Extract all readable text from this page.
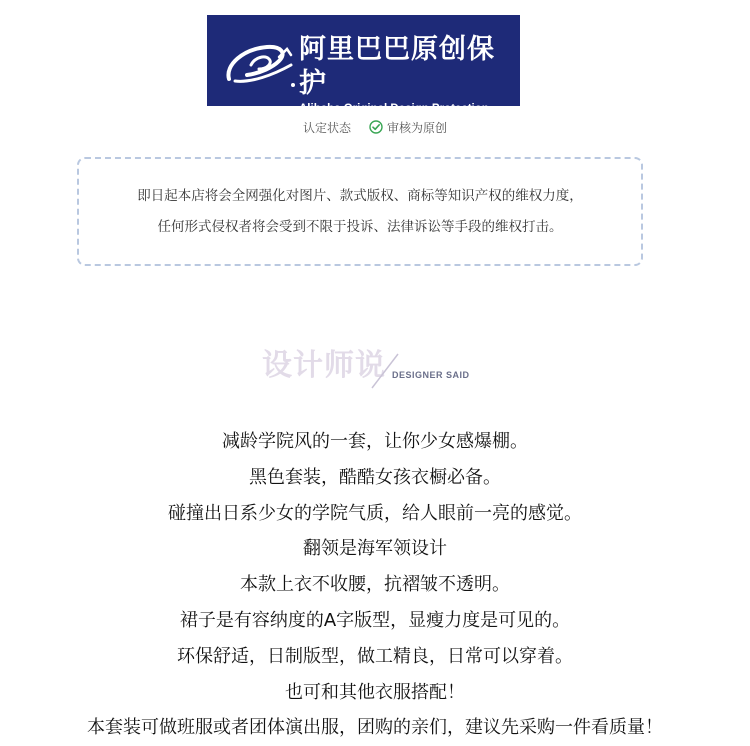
阿里巴巴原创保护
Alibaba Original Design Protection
认定状态	审核为原创
即日起本店将会全网强化对图片、款式版权、商标等知识产权的维权力度，
任何形式侵权者将会受到不限于投诉、法律诉讼等手段的维权打击。
设计师说 DESIGNER SAID
减龄学院风的一套，让你少女感爆棚。
黑色套装，酷酷女孩衣橱必备。
碰撞出日系少女的学院气质，给人眼前一亮的感觉。
翻领是海军领设计
本款上衣不收腰，抗褶皱不透明。
裙子是有容纳度的A字版型，显瘦力度是可见的。
环保舒适，日制版型，做工精良，日常可以穿着。
也可和其他衣服搭配！
本套装可做班服或者团体演出服，团购的亲们，建议先采购一件看质量！
